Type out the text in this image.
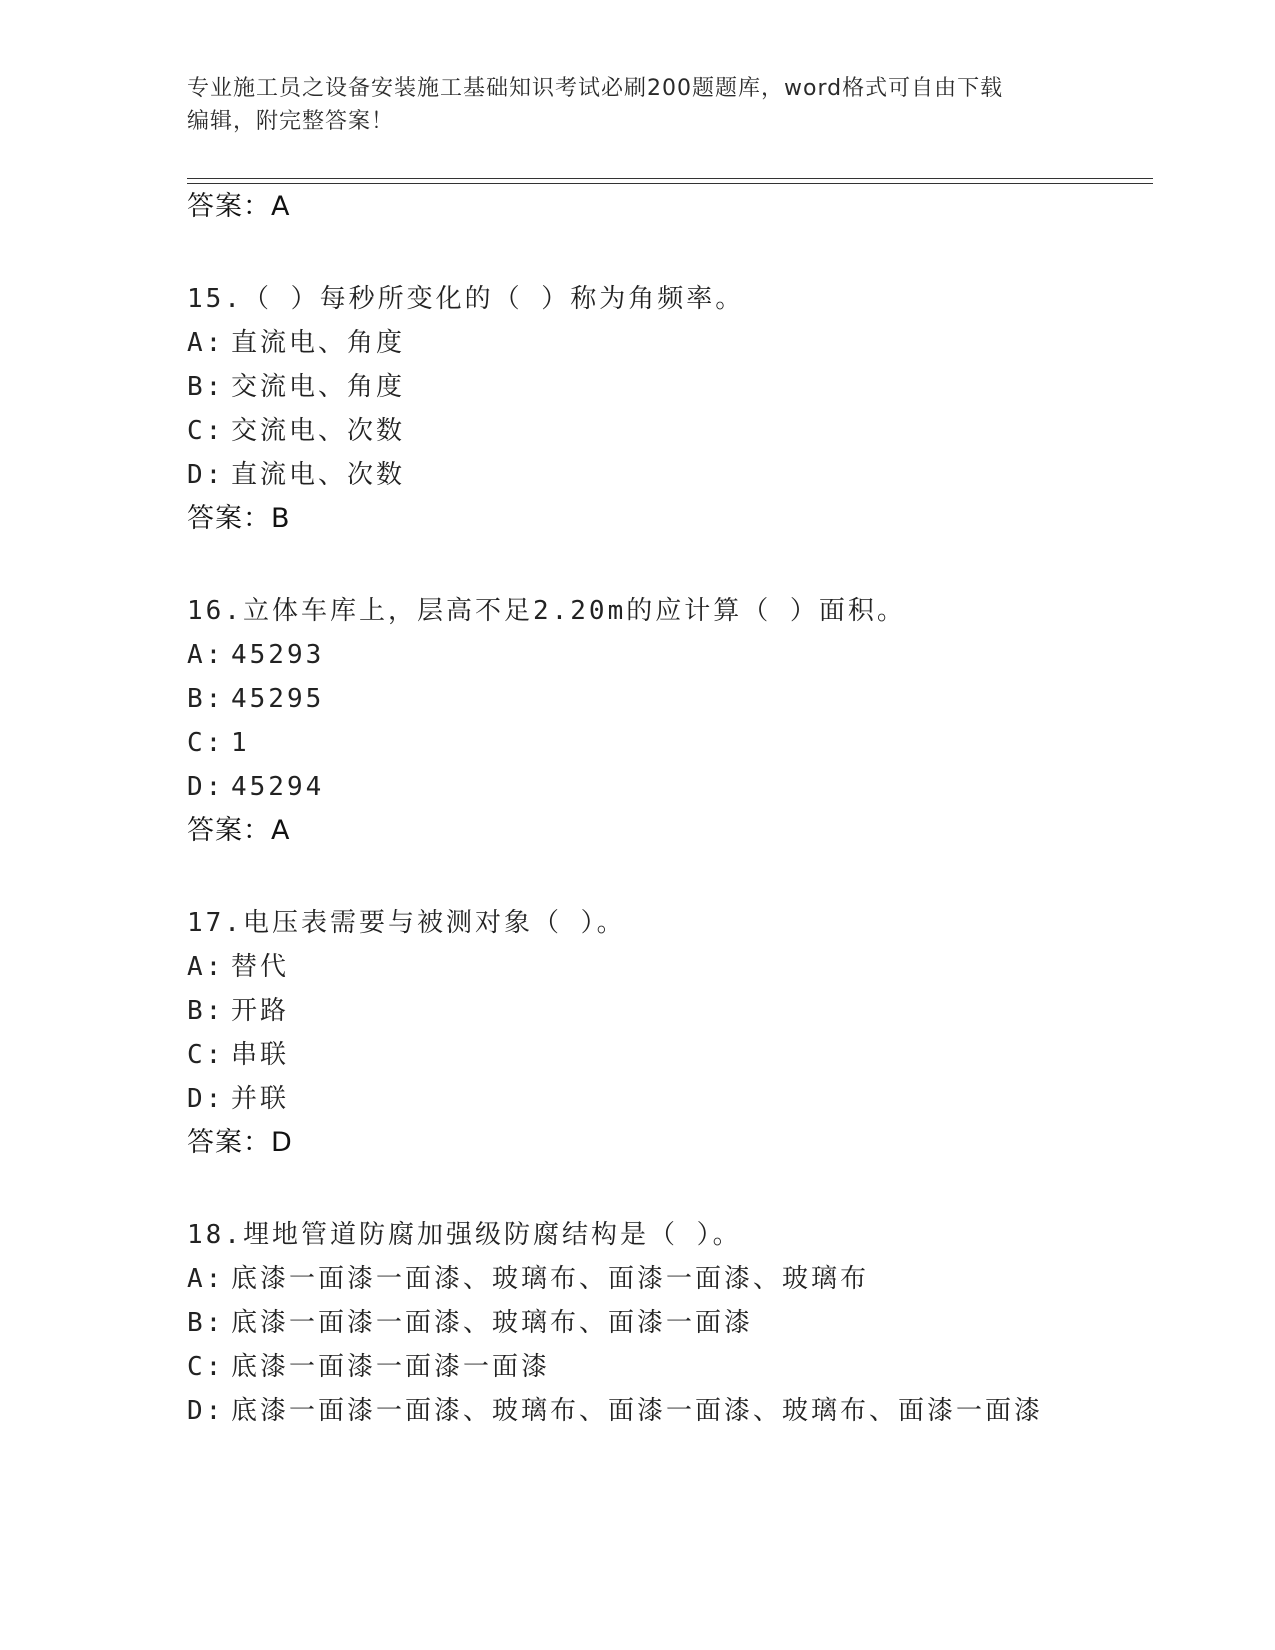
专业施工员之设备安装施工基础知识考试必刷200题题库，word格式可自由下载
编辑，附完整答案！
答案：A
15.（ ）每秒所变化的（ ）称为角频率。
A: 直流电、角度
B: 交流电、角度
C: 交流电、次数
D: 直流电、次数
答案：B
16.立体车库上，层高不足2.20m的应计算（ ）面积。
A: 45293
B: 45295
C: 1
D: 45294
答案：A
17.电压表需要与被测对象（ ）。
A: 替代
B: 开路
C: 串联
D: 并联
答案：D
18.埋地管道防腐加强级防腐结构是（ ）。
A: 底漆一面漆一面漆、玻璃布、面漆一面漆、玻璃布
B: 底漆一面漆一面漆、玻璃布、面漆一面漆
C: 底漆一面漆一面漆一面漆
D: 底漆一面漆一面漆、玻璃布、面漆一面漆、玻璃布、面漆一面漆
